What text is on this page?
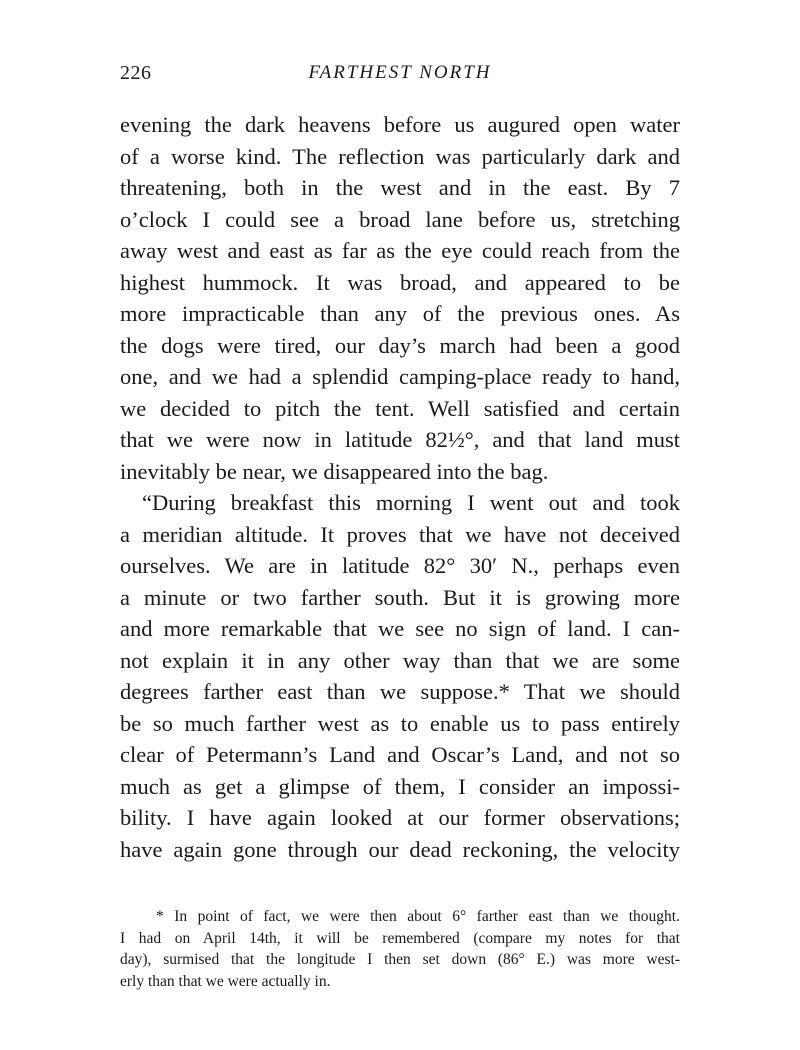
226	FARTHEST NORTH
evening the dark heavens before us augured open water
of a worse kind. The reflection was particularly dark and
threatening, both in the west and in the east. By 7
o’clock I could see a broad lane before us, stretching
away west and east as far as the eye could reach from the
highest hummock. It was broad, and appeared to be
more impracticable than any of the previous ones. As
the dogs were tired, our day’s march had been a good
one, and we had a splendid camping-place ready to hand,
we decided to pitch the tent. Well satisfied and certain
that we were now in latitude 82½°, and that land must
inevitably be near, we disappeared into the bag.
“During breakfast this morning I went out and took
a meridian altitude. It proves that we have not deceived
ourselves. We are in latitude 82° 30′ N., perhaps even
a minute or two farther south. But it is growing more
and more remarkable that we see no sign of land. I can-
not explain it in any other way than that we are some
degrees farther east than we suppose.* That we should
be so much farther west as to enable us to pass entirely
clear of Petermann’s Land and Oscar’s Land, and not so
much as get a glimpse of them, I consider an impossi-
bility. I have again looked at our former observations;
have again gone through our dead reckoning, the velocity
* In point of fact, we were then about 6° farther east than we thought.
I had on April 14th, it will be remembered (compare my notes for that
day), surmised that the longitude I then set down (86° E.) was more west-
erly than that we were actually in.
